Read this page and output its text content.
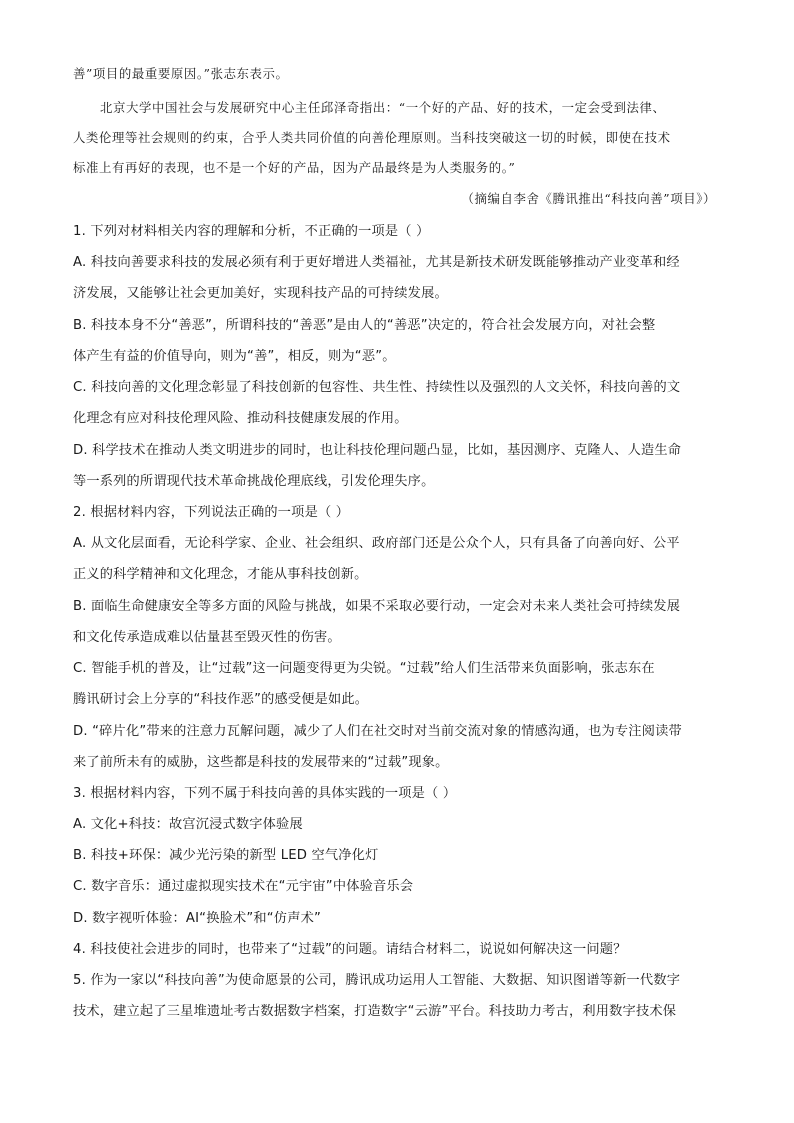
善”项目的最重要原因。”张志东表示。
北京大学中国社会与发展研究中心主任邱泽奇指出：“一个好的产品、好的技术，一定会受到法律、
人类伦理等社会规则的约束，合乎人类共同价值的向善伦理原则。当科技突破这一切的时候，即使在技术
标准上有再好的表现，也不是一个好的产品，因为产品最终是为人类服务的。”
（摘编自李舍《腾讯推出“科技向善”项目》）
1. 下列对材料相关内容的理解和分析，不正确的一项是（ ）
A. 科技向善要求科技的发展必须有利于更好增进人类福祉，尤其是新技术研发既能够推动产业变革和经
济发展，又能够让社会更加美好，实现科技产品的可持续发展。
B. 科技本身不分“善恶”，所谓科技的“善恶”是由人的“善恶”决定的，符合社会发展方向，对社会整
体产生有益的价值导向，则为“善”，相反，则为“恶”。
C. 科技向善的文化理念彰显了科技创新的包容性、共生性、持续性以及强烈的人文关怀，科技向善的文
化理念有应对科技伦理风险、推动科技健康发展的作用。
D. 科学技术在推动人类文明进步的同时，也让科技伦理问题凸显，比如，基因测序、克隆人、人造生命
等一系列的所谓现代技术革命挑战伦理底线，引发伦理失序。
2. 根据材料内容，下列说法正确的一项是（ ）
A. 从文化层面看，无论科学家、企业、社会组织、政府部门还是公众个人，只有具备了向善向好、公平
正义的科学精神和文化理念，才能从事科技创新。
B. 面临生命健康安全等多方面的风险与挑战，如果不采取必要行动，一定会对未来人类社会可持续发展
和文化传承造成难以估量甚至毁灭性的伤害。
C. 智能手机的普及，让“过载”这一问题变得更为尖锐。“过载”给人们生活带来负面影响，张志东在
腾讯研讨会上分享的“科技作恶”的感受便是如此。
D. “碎片化”带来的注意力瓦解问题，减少了人们在社交时对当前交流对象的情感沟通，也为专注阅读带
来了前所未有的威胁，这些都是科技的发展带来的“过载”现象。
3. 根据材料内容，下列不属于科技向善的具体实践的一项是（ ）
A. 文化+科技：故宫沉浸式数字体验展
B. 科技+环保：减少光污染的新型 LED 空气净化灯
C. 数字音乐：通过虚拟现实技术在“元宇宙”中体验音乐会
D. 数字视听体验：AI“换脸术”和“仿声术”
4. 科技使社会进步的同时，也带来了“过载”的问题。请结合材料二，说说如何解决这一问题？
5. 作为一家以“科技向善”为使命愿景的公司，腾讯成功运用人工智能、大数据、知识图谱等新一代数字
技术，建立起了三星堆遗址考古数据数字档案，打造数字“云游”平台。科技助力考古，利用数字技术保
